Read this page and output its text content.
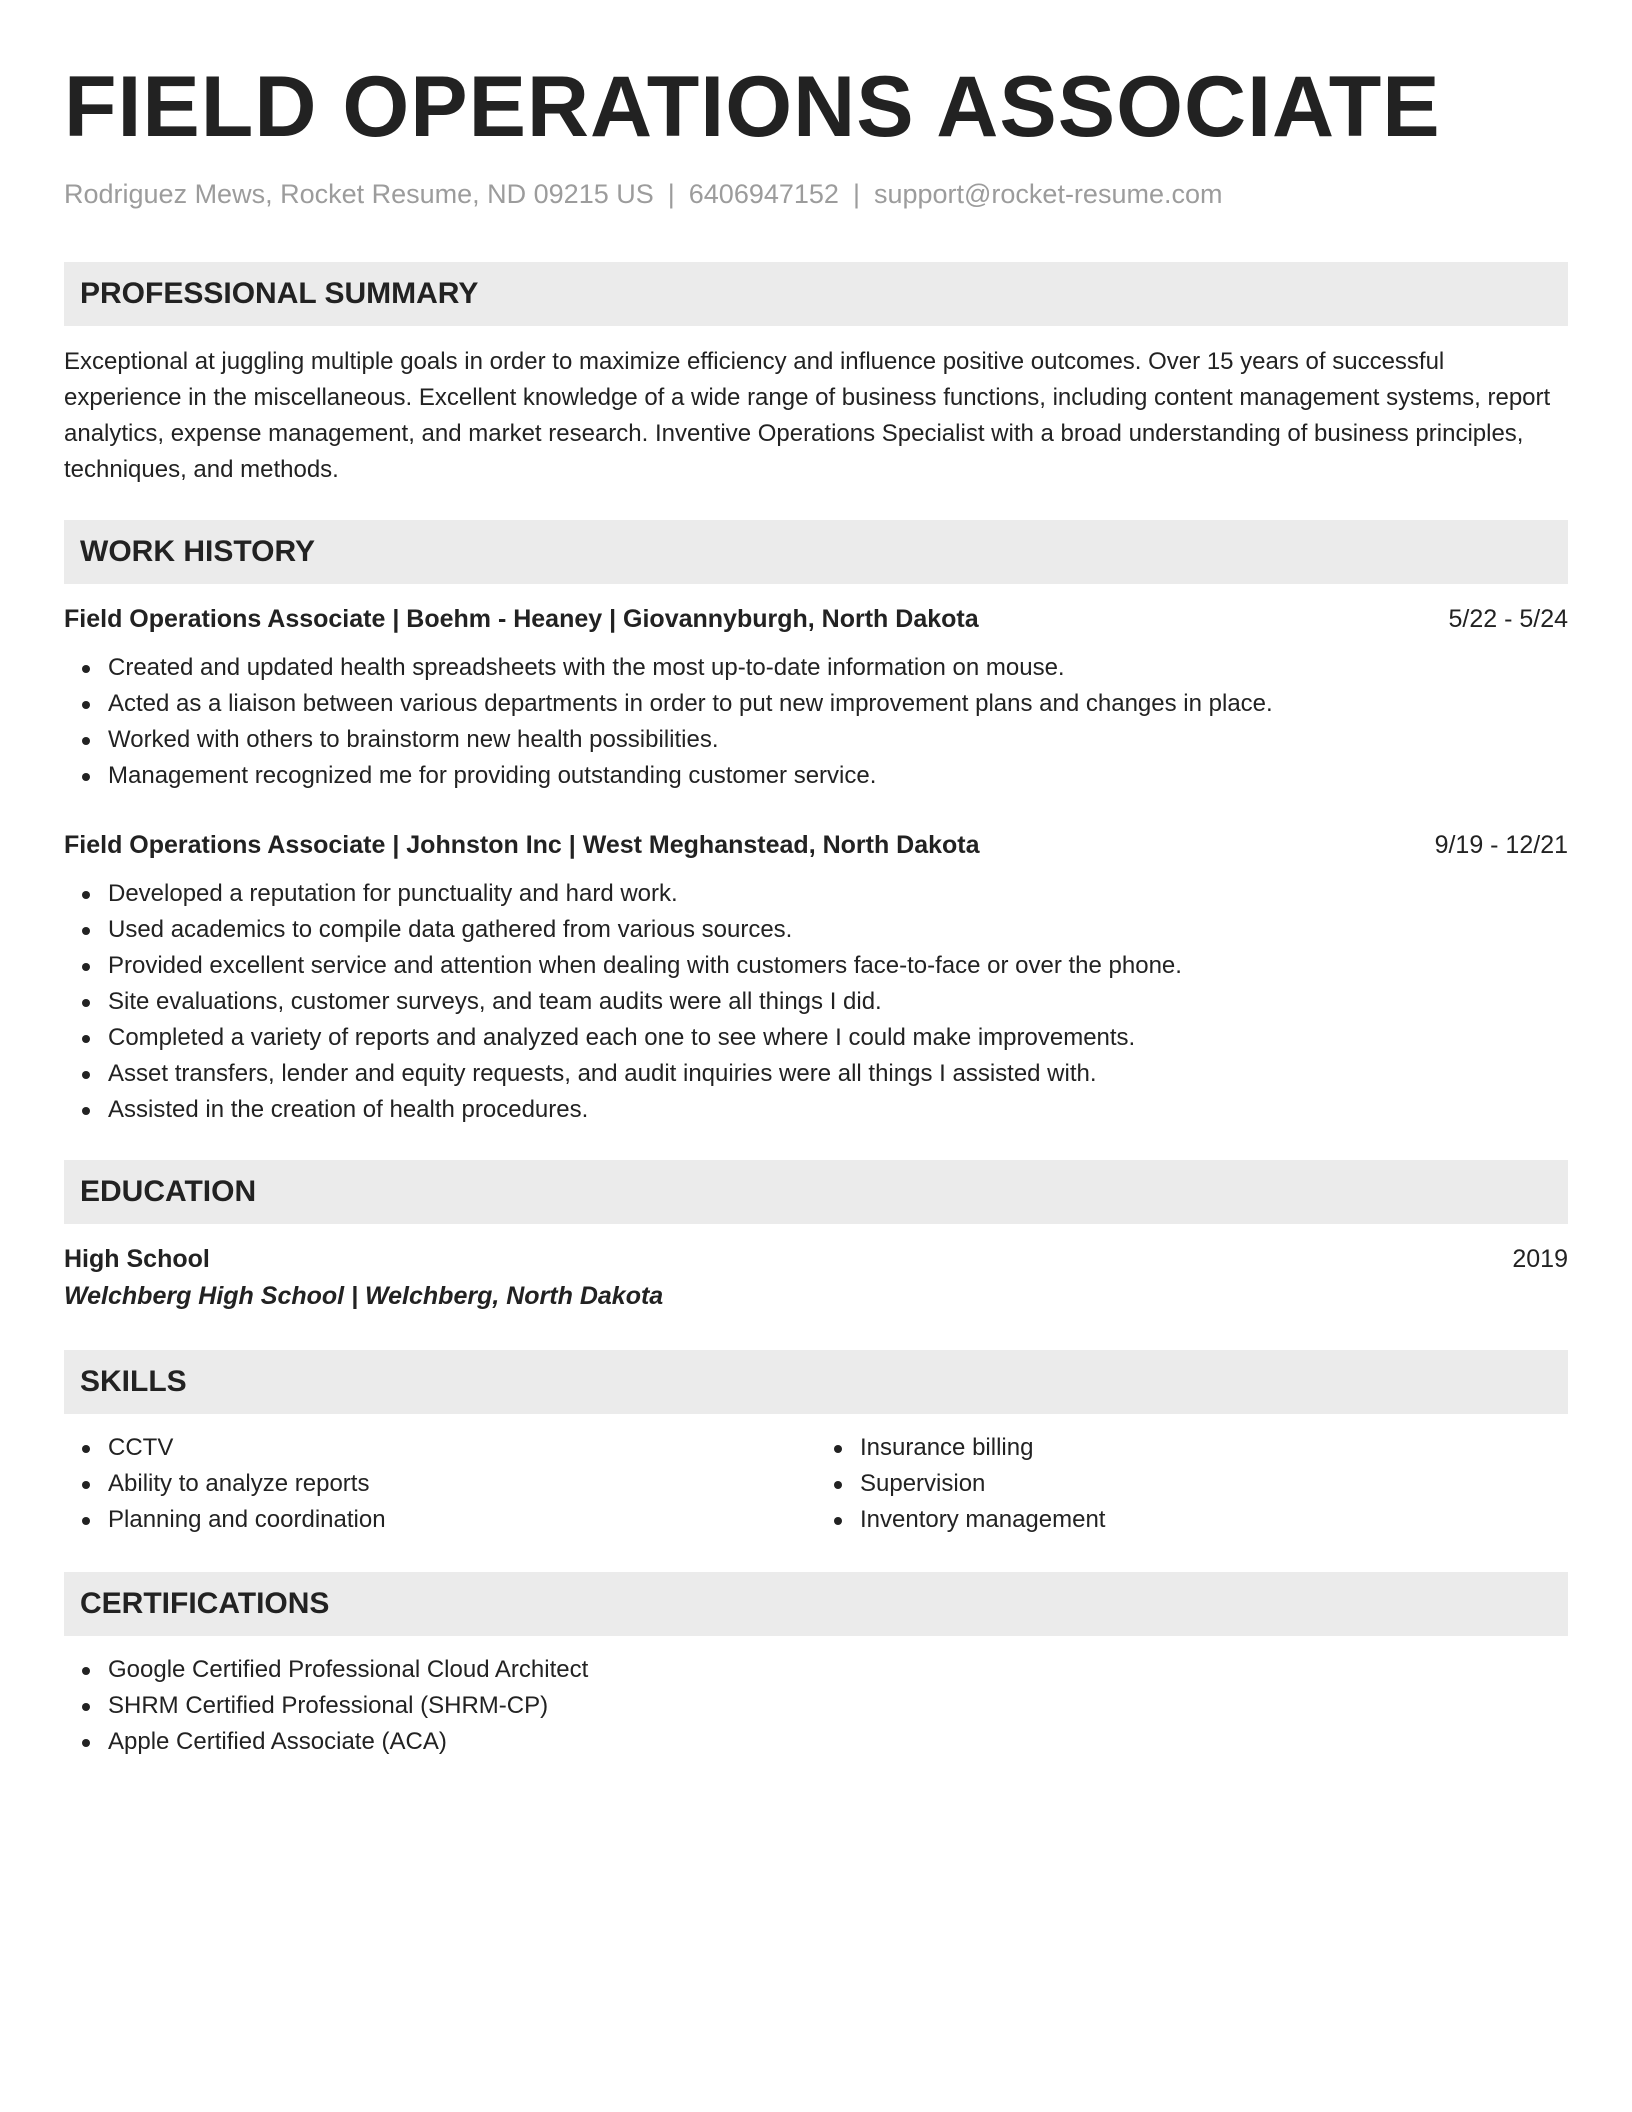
FIELD OPERATIONS ASSOCIATE
Rodriguez Mews, Rocket Resume, ND 09215 US | 6406947152 | support@rocket-resume.com
PROFESSIONAL SUMMARY
Exceptional at juggling multiple goals in order to maximize efficiency and influence positive outcomes. Over 15 years of successful experience in the miscellaneous. Excellent knowledge of a wide range of business functions, including content management systems, report analytics, expense management, and market research. Inventive Operations Specialist with a broad understanding of business principles, techniques, and methods.
WORK HISTORY
Field Operations Associate | Boehm - Heaney | Giovannyburgh, North Dakota	5/22 - 5/24
Created and updated health spreadsheets with the most up-to-date information on mouse.
Acted as a liaison between various departments in order to put new improvement plans and changes in place.
Worked with others to brainstorm new health possibilities.
Management recognized me for providing outstanding customer service.
Field Operations Associate | Johnston Inc | West Meghanstead, North Dakota	9/19 - 12/21
Developed a reputation for punctuality and hard work.
Used academics to compile data gathered from various sources.
Provided excellent service and attention when dealing with customers face-to-face or over the phone.
Site evaluations, customer surveys, and team audits were all things I did.
Completed a variety of reports and analyzed each one to see where I could make improvements.
Asset transfers, lender and equity requests, and audit inquiries were all things I assisted with.
Assisted in the creation of health procedures.
EDUCATION
High School	2019
Welchberg High School | Welchberg, North Dakota
SKILLS
CCTV
Ability to analyze reports
Planning and coordination
Insurance billing
Supervision
Inventory management
CERTIFICATIONS
Google Certified Professional Cloud Architect
SHRM Certified Professional (SHRM-CP)
Apple Certified Associate (ACA)
